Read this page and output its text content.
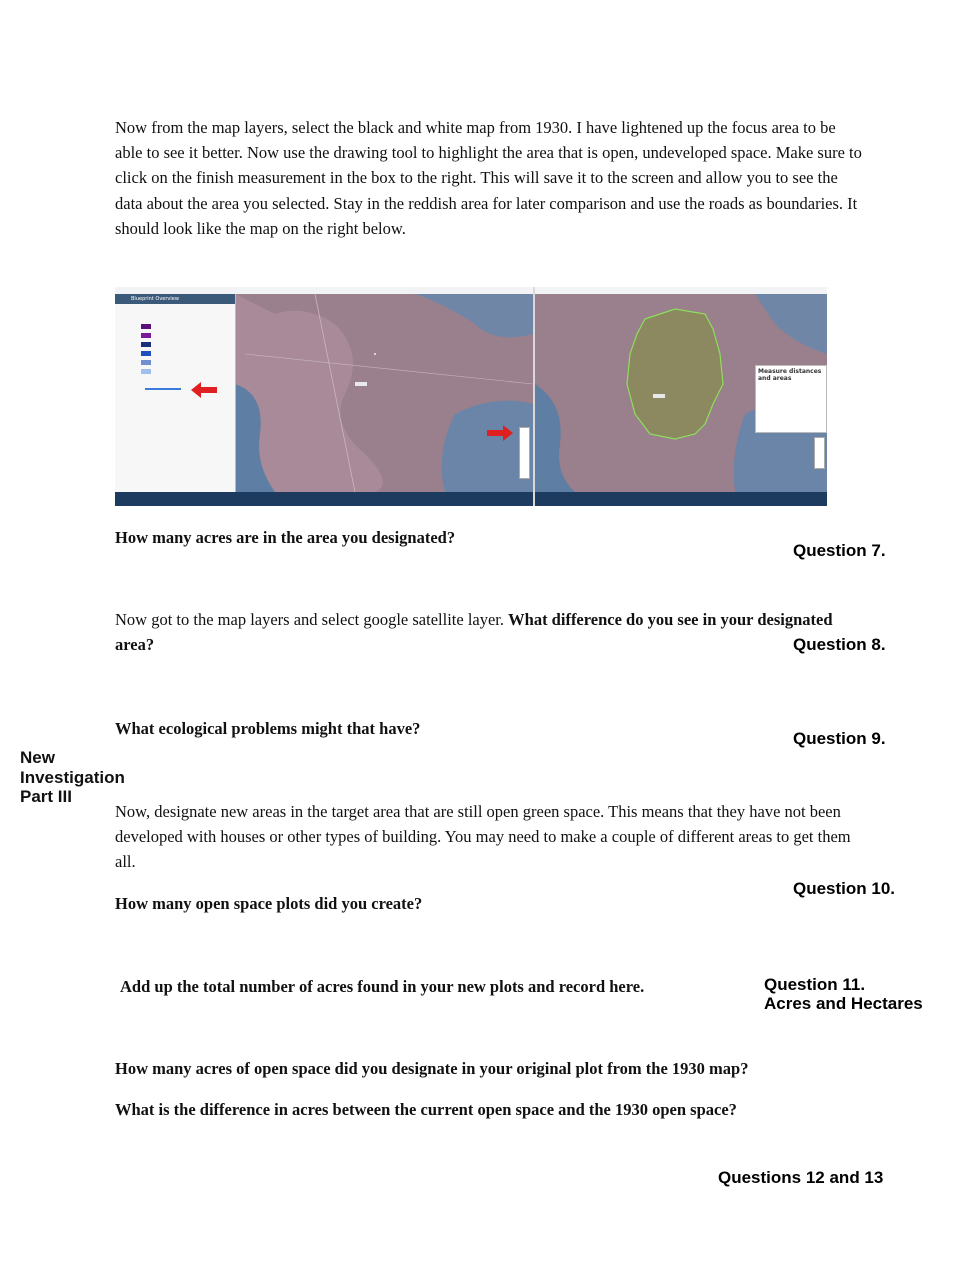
Now from the map layers, select the black and white map from 1930. I have lightened up the focus area to be able to see it better. Now use the drawing tool to highlight the area that is open, undeveloped space. Make sure to click on the finish measurement in the box to the right. This will save it to the screen and allow you to see the data about the area you selected. Stay in the reddish area for later comparison and use the roads as boundaries. It should look like the map on the right below.
Blueprint Overview
Measure distances and areas
How many acres are in the area you designated?
Question 7.
Now got to the map layers and select google satellite layer. What difference do you see in your designated area?	Question 8.
What ecological problems might that have?
Question 9.
New
Investigation
Part III
Now, designate new areas in the target area that are still open green space. This means that they have not been developed with houses or other types of building. You may need to make a couple of different areas to get them all.
Question 10.
How many open space plots did you create?
Add up the total number of acres found in your new plots and record here.	Question 11.
Acres and Hectares
How many acres of open space did you designate in your original plot from the 1930 map?
What is the difference in acres between the current open space and the 1930 open space?
Questions 12 and 13
